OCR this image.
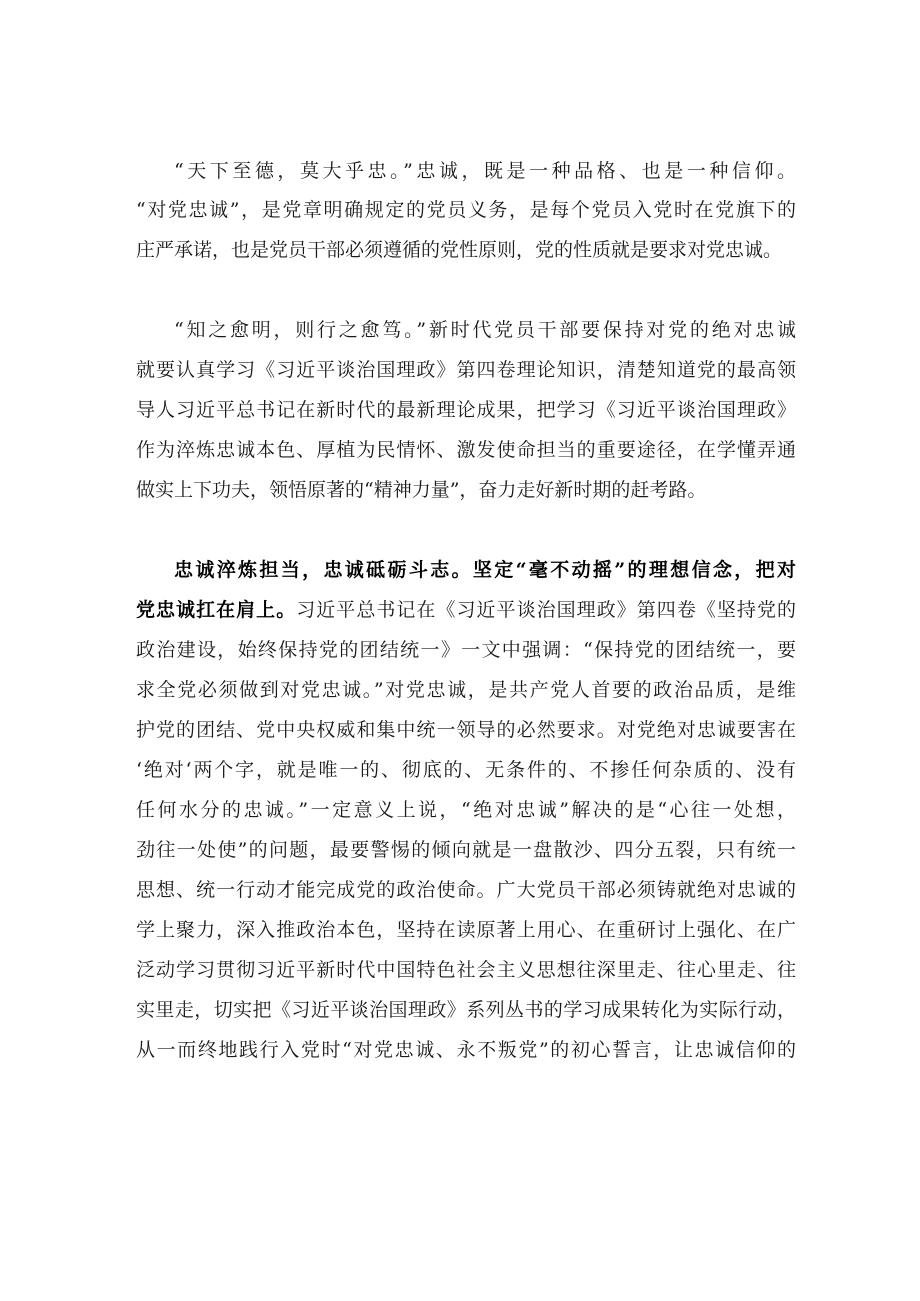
“天下至德，莫大乎忠。”忠诚，既是一种品格、也是一种信仰。

“对党忠诚”，是党章明确规定的党员义务，是每个党员入党时在党旗下的

庄严承诺，也是党员干部必须遵循的党性原则，党的性质就是要求对党忠诚。

“知之愈明，则行之愈笃。”新时代党员干部要保持对党的绝对忠诚

就要认真学习《习近平谈治国理政》第四卷理论知识，清楚知道党的最高领

导人习近平总书记在新时代的最新理论成果，把学习《习近平谈治国理政》

作为淬炼忠诚本色、厚植为民情怀、激发使命担当的重要途径，在学懂弄通

做实上下功夫，领悟原著的“精神力量”，奋力走好新时期的赶考路。

忠诚淬炼担当，忠诚砥砺斗志。坚定“毫不动摇”的理想信念，把对

党忠诚扛在肩上。习近平总书记在《习近平谈治国理政》第四卷《坚持党的

政治建设，始终保持党的团结统一》一文中强调：“保持党的团结统一，要

求全党必须做到对党忠诚。”对党忠诚，是共产党人首要的政治品质，是维

护党的团结、党中央权威和集中统一领导的必然要求。对党绝对忠诚要害在

‘绝对‘两个字，就是唯一的、彻底的、无条件的、不掺任何杂质的、没有

任何水分的忠诚。”一定意义上说，“绝对忠诚”解决的是“心往一处想，

劲往一处使”的问题，最要警惕的倾向就是一盘散沙、四分五裂，只有统一

思想、统一行动才能完成党的政治使命。广大党员干部必须铸就绝对忠诚的

学上聚力，深入推政治本色，坚持在读原著上用心、在重研讨上强化、在广

泛动学习贯彻习近平新时代中国特色社会主义思想往深里走、往心里走、往

实里走，切实把《习近平谈治国理政》系列丛书的学习成果转化为实际行动，

从一而终地践行入党时“对党忠诚、永不叛党”的初心誓言，让忠诚信仰的
